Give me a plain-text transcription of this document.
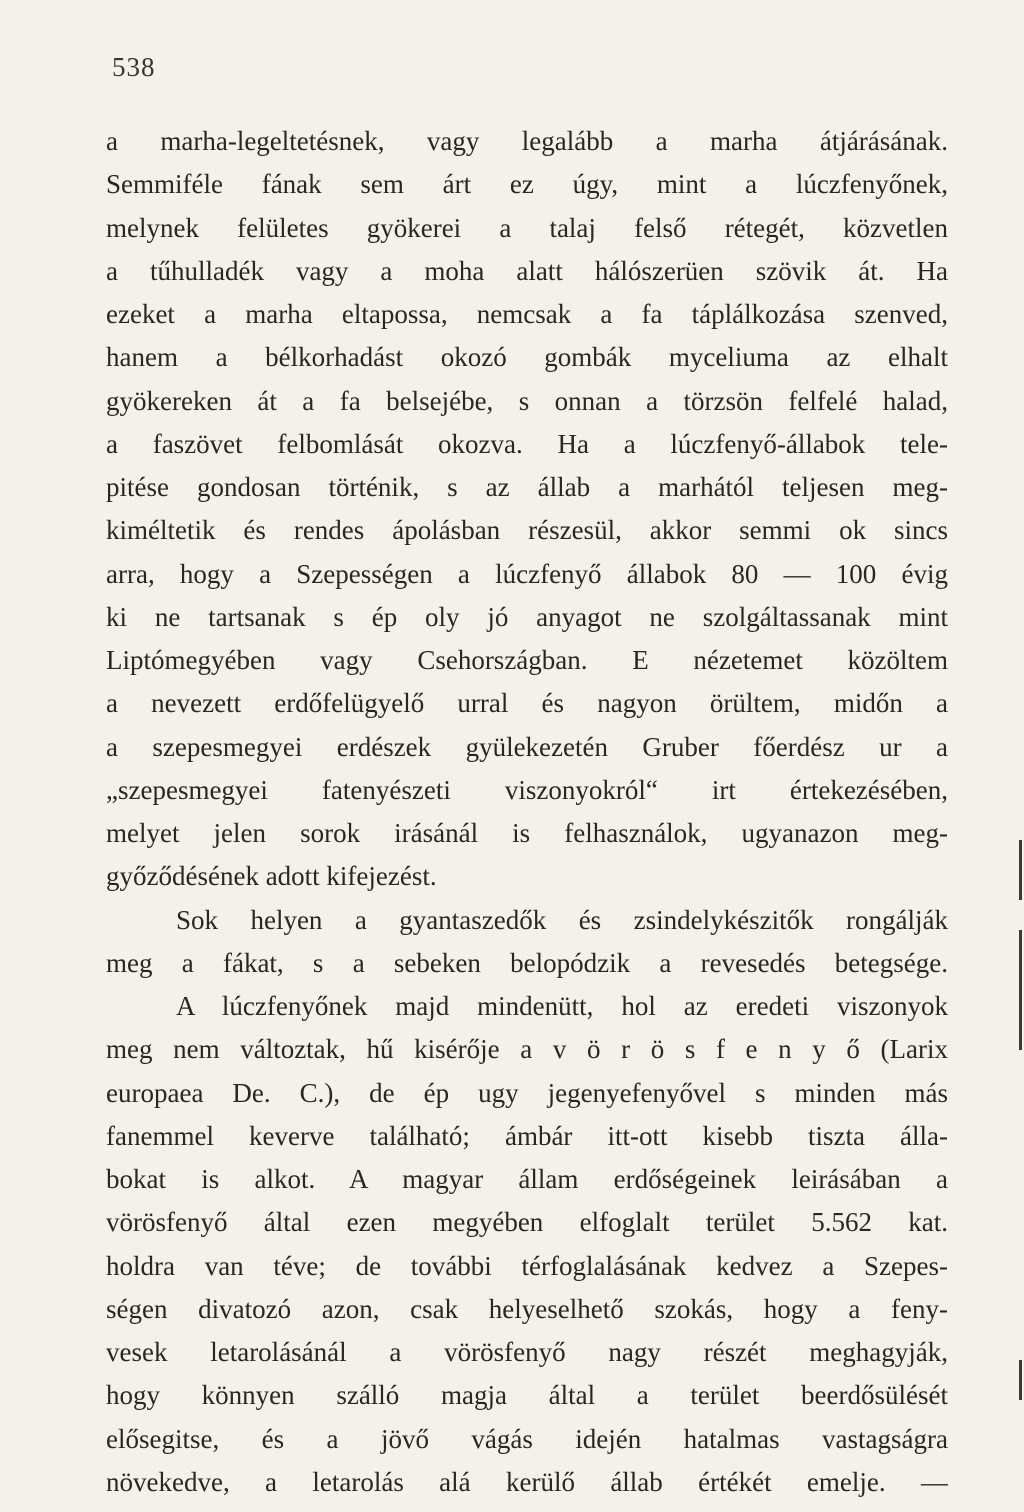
538
a marha-legeltetésnek, vagy legalább a marha átjárásának.
Semmiféle fának sem árt ez úgy, mint a lúczfenyőnek,
melynek felületes gyökerei a talaj felső rétegét, közvetlen
a tűhulladék vagy a moha alatt hálószerüen szövik át. Ha
ezeket a marha eltapossa, nemcsak a fa táplálkozása szenved,
hanem a bélkorhadást okozó gombák myceliuma az elhalt
gyökereken át a fa belsejébe, s onnan a törzsön felfelé halad,
a faszövet felbomlását okozva. Ha a lúczfenyő-állabok tele-
pitése gondosan történik, s az állab a marhától teljesen meg-
kiméltetik és rendes ápolásban részesül, akkor semmi ok sincs
arra, hogy a Szepességen a lúczfenyő állabok 80 — 100 évig
ki ne tartsanak s ép oly jó anyagot ne szolgáltassanak mint
Liptómegyében vagy Csehországban. E nézetemet közöltem
a nevezett erdőfelügyelő urral és nagyon örültem, midőn a
a szepesmegyei erdészek gyülekezetén Gruber főerdész ur a
„szepesmegyei fatenyészeti viszonyokról“ irt értekezésében,
melyet jelen sorok irásánál is felhasználok, ugyanazon meg-
győződésének adott kifejezést.
Sok helyen a gyantaszedők és zsindelykészitők rongálják
meg a fákat, s a sebeken belopódzik a revesedés betegsége.
A lúczfenyőnek majd mindenütt, hol az eredeti viszonyok
meg nem változtak, hű kisérője a v ö r ö s f e n y ő (Larix
europaea De. C.), de ép ugy jegenyefenyővel s minden más
fanemmel keverve található; ámbár itt-ott kisebb tiszta álla-
bokat is alkot. A magyar állam erdőségeinek leirásában a
vörösfenyő által ezen megyében elfoglalt terület 5.562 kat.
holdra van téve; de további térfoglalásának kedvez a Szepes-
ségen divatozó azon, csak helyeselhető szokás, hogy a feny-
vesek letarolásánál a vörösfenyő nagy részét meghagyják,
hogy könnyen szálló magja által a terület beerdősülését
elősegitse, és a jövő vágás idején hatalmas vastagságra
növekedve, a letarolás alá kerülő állab értékét emelje. —
